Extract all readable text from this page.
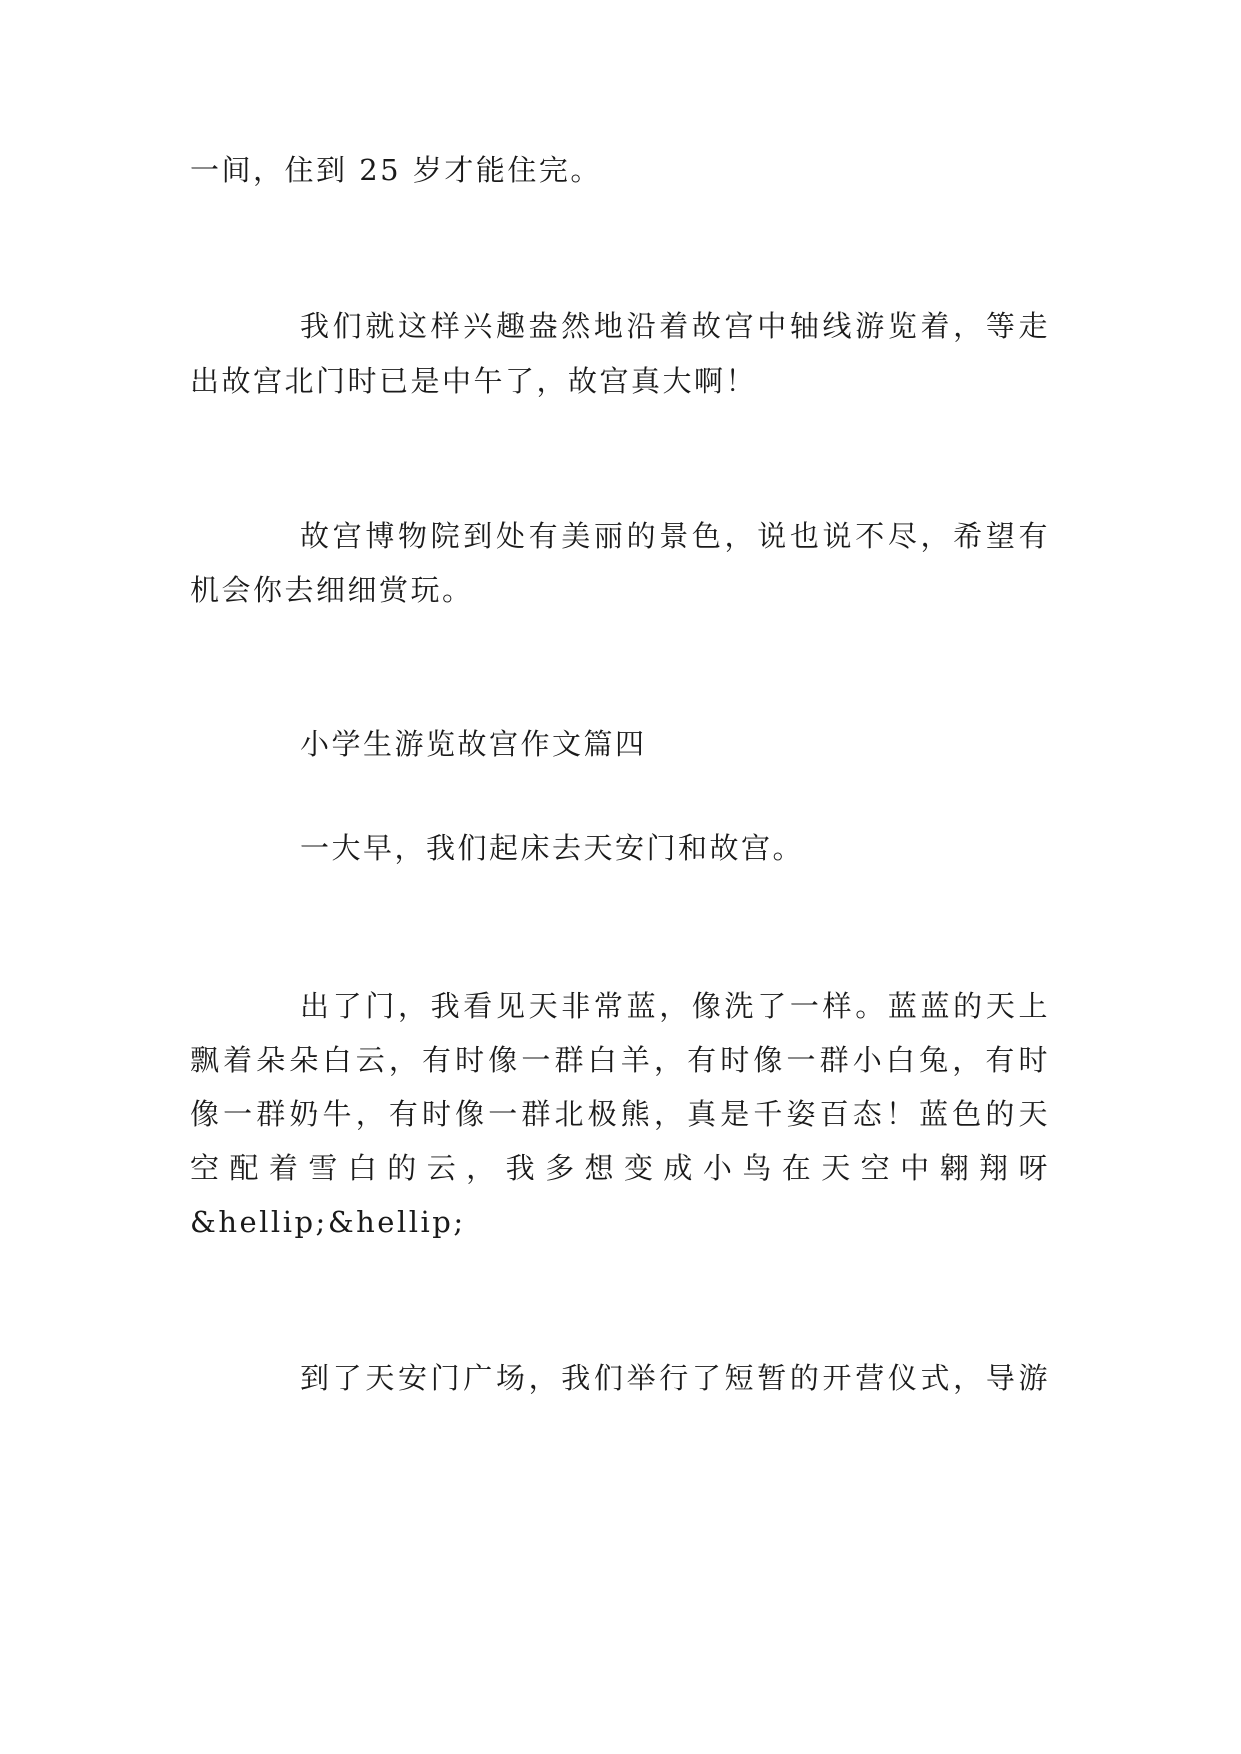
一间，住到 25 岁才能住完。
我们就这样兴趣盎然地沿着故宫中轴线游览着，等走
出故宫北门时已是中午了，故宫真大啊！
故宫博物院到处有美丽的景色，说也说不尽，希望有
机会你去细细赏玩。
小学生游览故宫作文篇四
一大早，我们起床去天安门和故宫。
出了门，我看见天非常蓝，像洗了一样。蓝蓝的天上
飘着朵朵白云，有时像一群白羊，有时像一群小白兔，有时
像一群奶牛，有时像一群北极熊，真是千姿百态！蓝色的天
空配着雪白的云，我多想变成小鸟在天空中翱翔呀
&hellip;&hellip;
到了天安门广场，我们举行了短暂的开营仪式，导游
